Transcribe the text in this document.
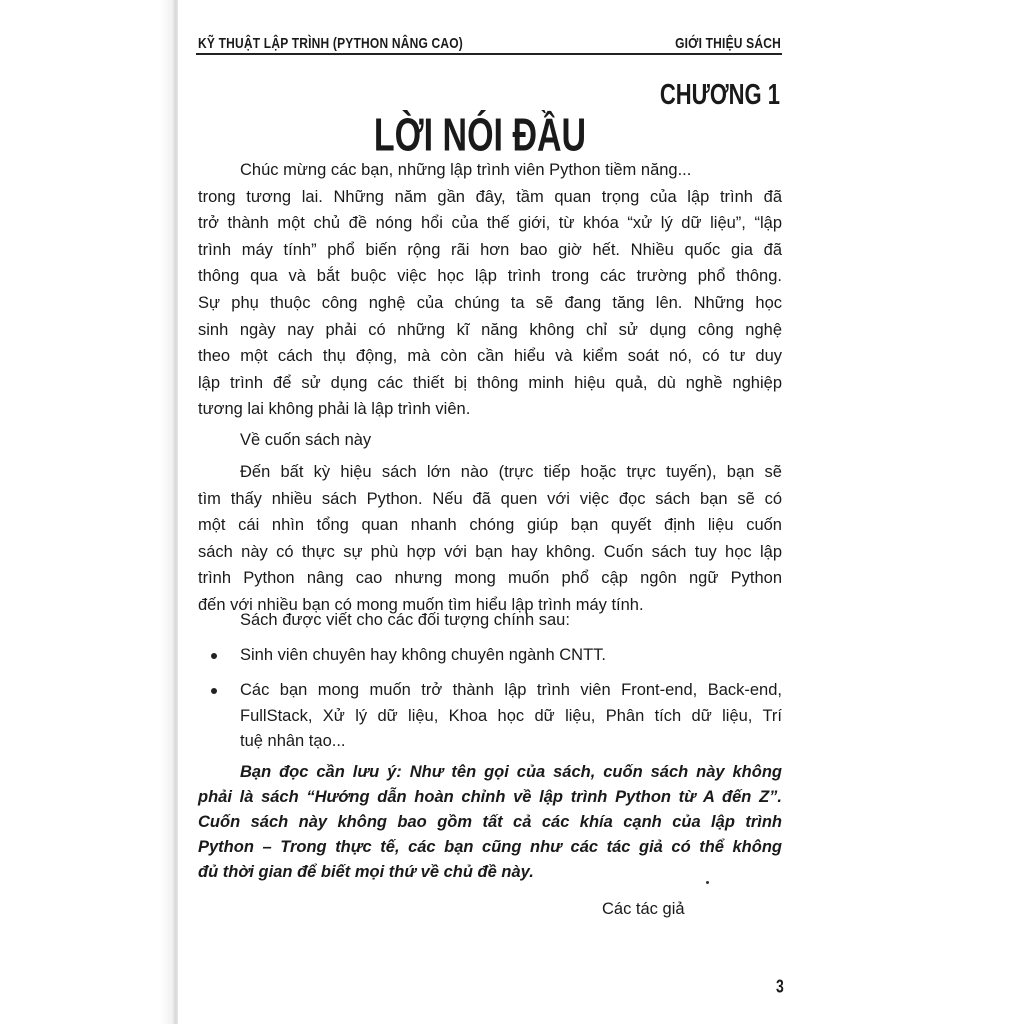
KỸ THUẬT LẬP TRÌNH (PYTHON NÂNG CAO)	GIỚI THIỆU SÁCH
CHƯƠNG 1
LỜI NÓI ĐẦU
Chúc mừng các bạn, những lập trình viên Python tiềm năng...
trong tương lai. Những năm gần đây, tầm quan trọng của lập trình đã
trở thành một chủ đề nóng hổi của thế giới, từ khóa “xử lý dữ liệu”, “lập
trình máy tính” phổ biến rộng rãi hơn bao giờ hết. Nhiều quốc gia đã
thông qua và bắt buộc việc học lập trình trong các trường phổ thông.
Sự phụ thuộc công nghệ của chúng ta sẽ đang tăng lên. Những học
sinh ngày nay phải có những kĩ năng không chỉ sử dụng công nghệ
theo một cách thụ động, mà còn cần hiểu và kiểm soát nó, có tư duy
lập trình để sử dụng các thiết bị thông minh hiệu quả, dù nghề nghiệp
tương lai không phải là lập trình viên.
Về cuốn sách này
Đến bất kỳ hiệu sách lớn nào (trực tiếp hoặc trực tuyến), bạn sẽ
tìm thấy nhiều sách Python. Nếu đã quen với việc đọc sách bạn sẽ có
một cái nhìn tổng quan nhanh chóng giúp bạn quyết định liệu cuốn
sách này có thực sự phù hợp với bạn hay không. Cuốn sách tuy học lập
trình Python nâng cao nhưng mong muốn phổ cập ngôn ngữ Python
đến với nhiều bạn có mong muốn tìm hiểu lập trình máy tính.
Sách được viết cho các đối tượng chính sau:
Sinh viên chuyên hay không chuyên ngành CNTT.
Các bạn mong muốn trở thành lập trình viên Front-end, Back-end,
FullStack, Xử lý dữ liệu, Khoa học dữ liệu, Phân tích dữ liệu, Trí
tuệ nhân tạo...
Bạn đọc cần lưu ý: Như tên gọi của sách, cuốn sách này không
phải là sách “Hướng dẫn hoàn chỉnh về lập trình Python từ A đến Z”.
Cuốn sách này không bao gồm tất cả các khía cạnh của lập trình
Python – Trong thực tế, các bạn cũng như các tác giả có thể không
đủ thời gian để biết mọi thứ về chủ đề này.
Các tác giả
3
